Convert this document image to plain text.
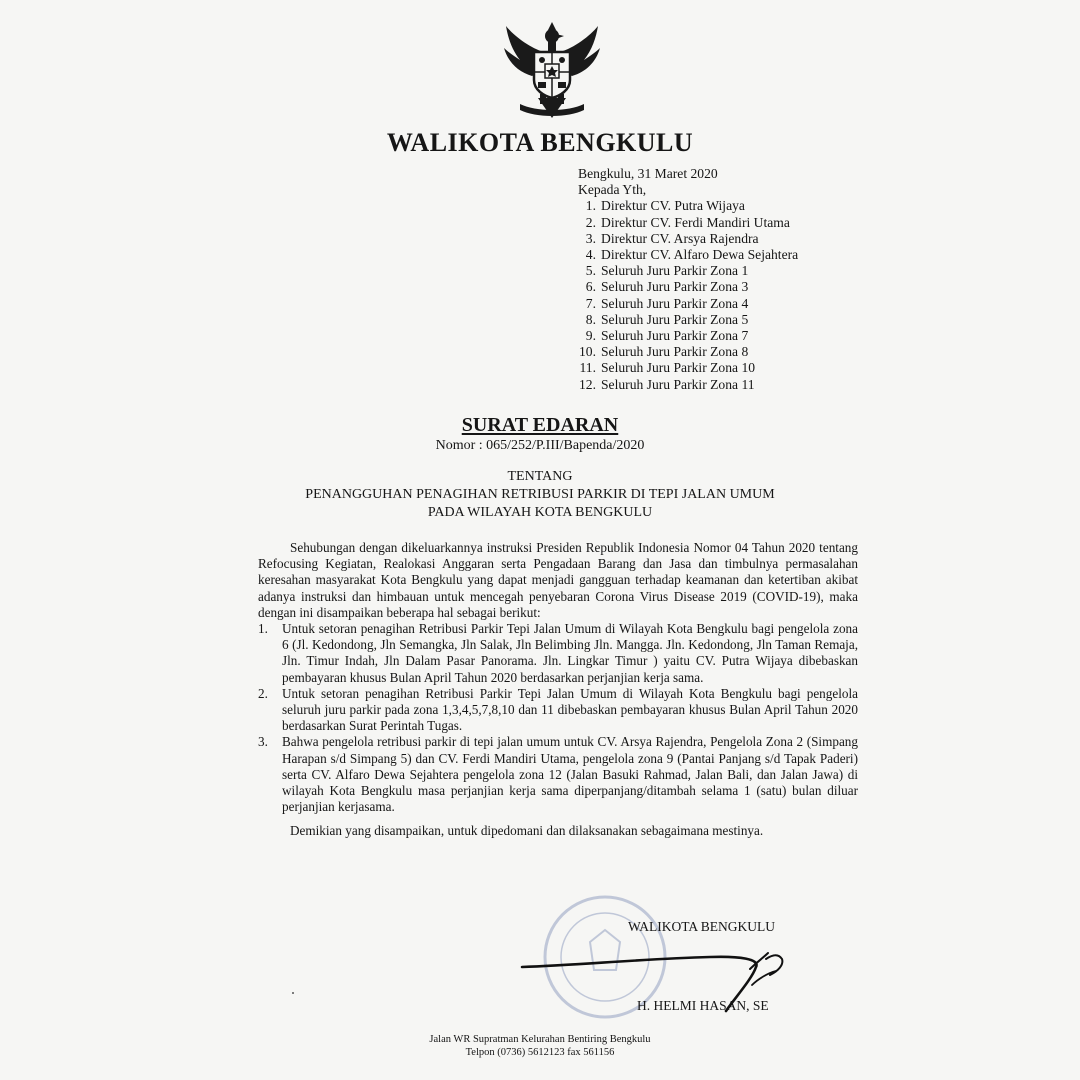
WALIKOTA BENGKULU
Bengkulu, 31 Maret 2020
Kepada Yth,
1. Direktur CV. Putra Wijaya
2. Direktur CV. Ferdi Mandiri Utama
3. Direktur CV. Arsya Rajendra
4. Direktur CV. Alfaro Dewa Sejahtera
5. Seluruh Juru Parkir Zona 1
6. Seluruh Juru Parkir Zona 3
7. Seluruh Juru Parkir Zona 4
8. Seluruh Juru Parkir Zona 5
9. Seluruh Juru Parkir Zona 7
10. Seluruh Juru Parkir Zona 8
11. Seluruh Juru Parkir Zona 10
12. Seluruh Juru Parkir Zona 11
SURAT EDARAN
Nomor : 065/252/P.III/Bapenda/2020
TENTANG
PENANGGUHAN PENAGIHAN RETRIBUSI PARKIR DI TEPI JALAN UMUM
PADA WILAYAH KOTA BENGKULU

Sehubungan dengan dikeluarkannya instruksi Presiden Republik Indonesia Nomor 04 Tahun 2020 tentang Refocusing Kegiatan, Realokasi Anggaran serta Pengadaan Barang dan Jasa dan timbulnya permasalahan keresahan masyarakat Kota Bengkulu yang dapat menjadi gangguan terhadap keamanan dan ketertiban akibat adanya instruksi dan himbauan untuk mencegah penyebaran Corona Virus Disease 2019 (COVID-19), maka dengan ini disampaikan beberapa hal sebagai berikut:

1. Untuk setoran penagihan Retribusi Parkir Tepi Jalan Umum di Wilayah Kota Bengkulu bagi pengelola zona 6 (Jl. Kedondong, Jln Semangka, Jln Salak, Jln Belimbing Jln. Mangga. Jln. Kedondong, Jln Taman Remaja, Jln. Timur Indah, Jln Dalam Pasar Panorama. Jln. Lingkar Timur ) yaitu CV. Putra Wijaya dibebaskan pembayaran khusus Bulan April Tahun 2020 berdasarkan perjanjian kerja sama.
2. Untuk setoran penagihan Retribusi Parkir Tepi Jalan Umum di Wilayah Kota Bengkulu bagi pengelola seluruh juru parkir pada zona 1,3,4,5,7,8,10 dan 11 dibebaskan pembayaran khusus Bulan April Tahun 2020 berdasarkan Surat Perintah Tugas.
3. Bahwa pengelola retribusi parkir di tepi jalan umum untuk CV. Arsya Rajendra, Pengelola Zona 2 (Simpang Harapan s/d Simpang 5) dan CV. Ferdi Mandiri Utama, pengelola zona 9 (Pantai Panjang s/d Tapak Paderi) serta CV. Alfaro Dewa Sejahtera pengelola zona 12 (Jalan Basuki Rahmad, Jalan Bali, dan Jalan Jawa) di wilayah Kota Bengkulu masa perjanjian kerja sama diperpanjang/ditambah selama 1 (satu) bulan diluar perjanjian kerjasama.

Demikian yang disampaikan, untuk dipedomani dan dilaksanakan sebagaimana mestinya.

WALIKOTA BENGKULU
H. HELMI HASAN, SE
Jalan WR Supratman Kelurahan Bentiring Bengkulu
Telpon (0736) 5612123 fax 561156
